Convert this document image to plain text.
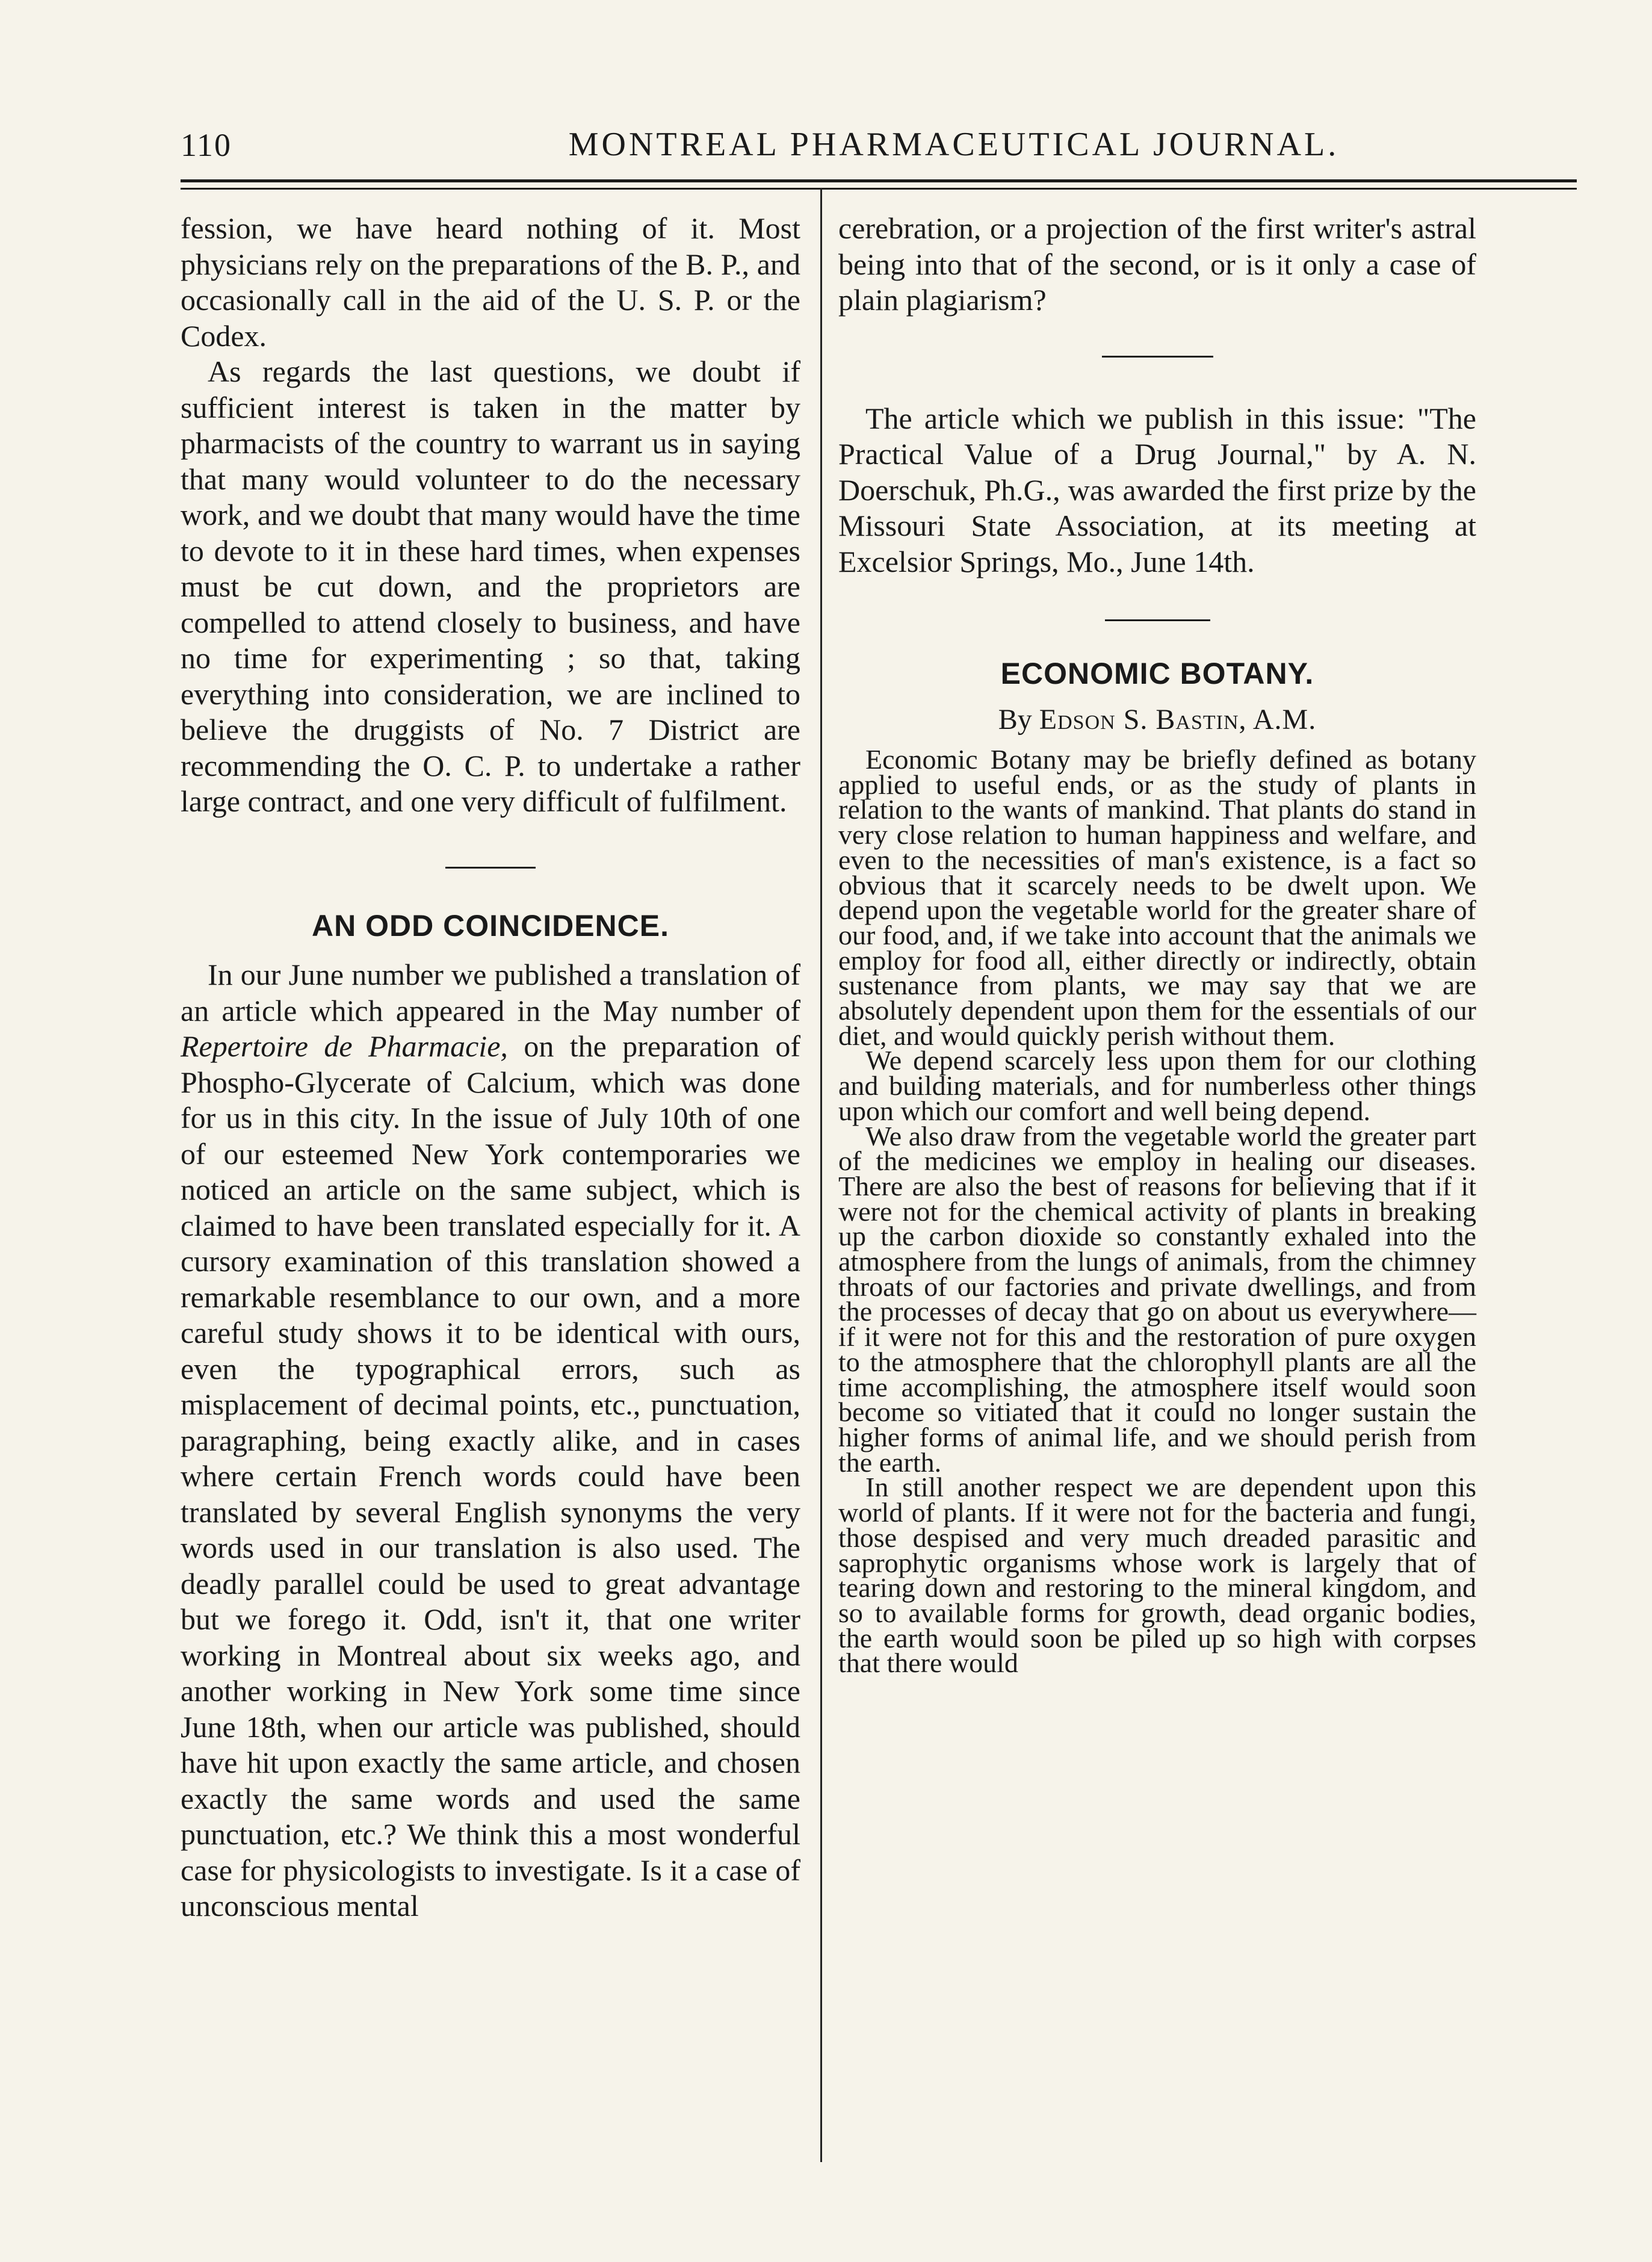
110	MONTREAL PHARMACEUTICAL JOURNAL.

fession, we have heard nothing of it. Most physicians rely on the preparations of the B. P., and occasionally call in the aid of the U. S. P. or the Codex.

As regards the last questions, we doubt if sufficient interest is taken in the matter by pharmacists of the country to warrant us in saying that many would volunteer to do the necessary work, and we doubt that many would have the time to devote to it in these hard times, when expenses must be cut down, and the proprietors are compelled to attend closely to business, and have no time for experimenting ; so that, taking everything into consideration, we are inclined to believe the druggists of No. 7 District are recommending the O. C. P. to undertake a rather large contract, and one very difficult of fulfilment.

AN ODD COINCIDENCE.

In our June number we published a translation of an article which appeared in the May number of Repertoire de Pharmacie, on the preparation of Phospho-Glycerate of Calcium, which was done for us in this city. In the issue of July 10th of one of our esteemed New York contemporaries we noticed an article on the same subject, which is claimed to have been translated especially for it. A cursory examination of this translation showed a remarkable resemblance to our own, and a more careful study shows it to be identical with ours, even the typographical errors, such as misplacement of decimal points, etc., punctuation, paragraphing, being exactly alike, and in cases where certain French words could have been translated by several English synonyms the very words used in our translation is also used. The deadly parallel could be used to great advantage but we forego it. Odd, isn't it, that one writer working in Montreal about six weeks ago, and another working in New York some time since June 18th, when our article was published, should have hit upon exactly the same article, and chosen exactly the same words and used the same punctuation, etc.? We think this a most wonderful case for physicologists to investigate. Is it a case of unconscious mental

cerebration, or a projection of the first writer's astral being into that of the second, or is it only a case of plain plagiarism?

The article which we publish in this issue: "The Practical Value of a Drug Journal," by A. N. Doerschuk, Ph.G., was awarded the first prize by the Missouri State Association, at its meeting at Excelsior Springs, Mo., June 14th.

ECONOMIC BOTANY.
By Edson S. Bastin, A.M.

Economic Botany may be briefly defined as botany applied to useful ends, or as the study of plants in relation to the wants of mankind. That plants do stand in very close relation to human happiness and welfare, and even to the necessities of man's existence, is a fact so obvious that it scarcely needs to be dwelt upon. We depend upon the vegetable world for the greater share of our food, and, if we take into account that the animals we employ for food all, either directly or indirectly, obtain sustenance from plants, we may say that we are absolutely dependent upon them for the essentials of our diet, and would quickly perish without them.

We depend scarcely less upon them for our clothing and building materials, and for numberless other things upon which our comfort and well being depend.

We also draw from the vegetable world the greater part of the medicines we employ in healing our diseases. There are also the best of reasons for believing that if it were not for the chemical activity of plants in breaking up the carbon dioxide so constantly exhaled into the atmosphere from the lungs of animals, from the chimney throats of our factories and private dwellings, and from the processes of decay that go on about us everywhere—if it were not for this and the restoration of pure oxygen to the atmosphere that the chlorophyll plants are all the time accomplishing, the atmosphere itself would soon become so vitiated that it could no longer sustain the higher forms of animal life, and we should perish from the earth.

In still another respect we are dependent upon this world of plants. If it were not for the bacteria and fungi, those despised and very much dreaded parasitic and saprophytic organisms whose work is largely that of tearing down and restoring to the mineral kingdom, and so to available forms for growth, dead organic bodies, the earth would soon be piled up so high with corpses that there would
